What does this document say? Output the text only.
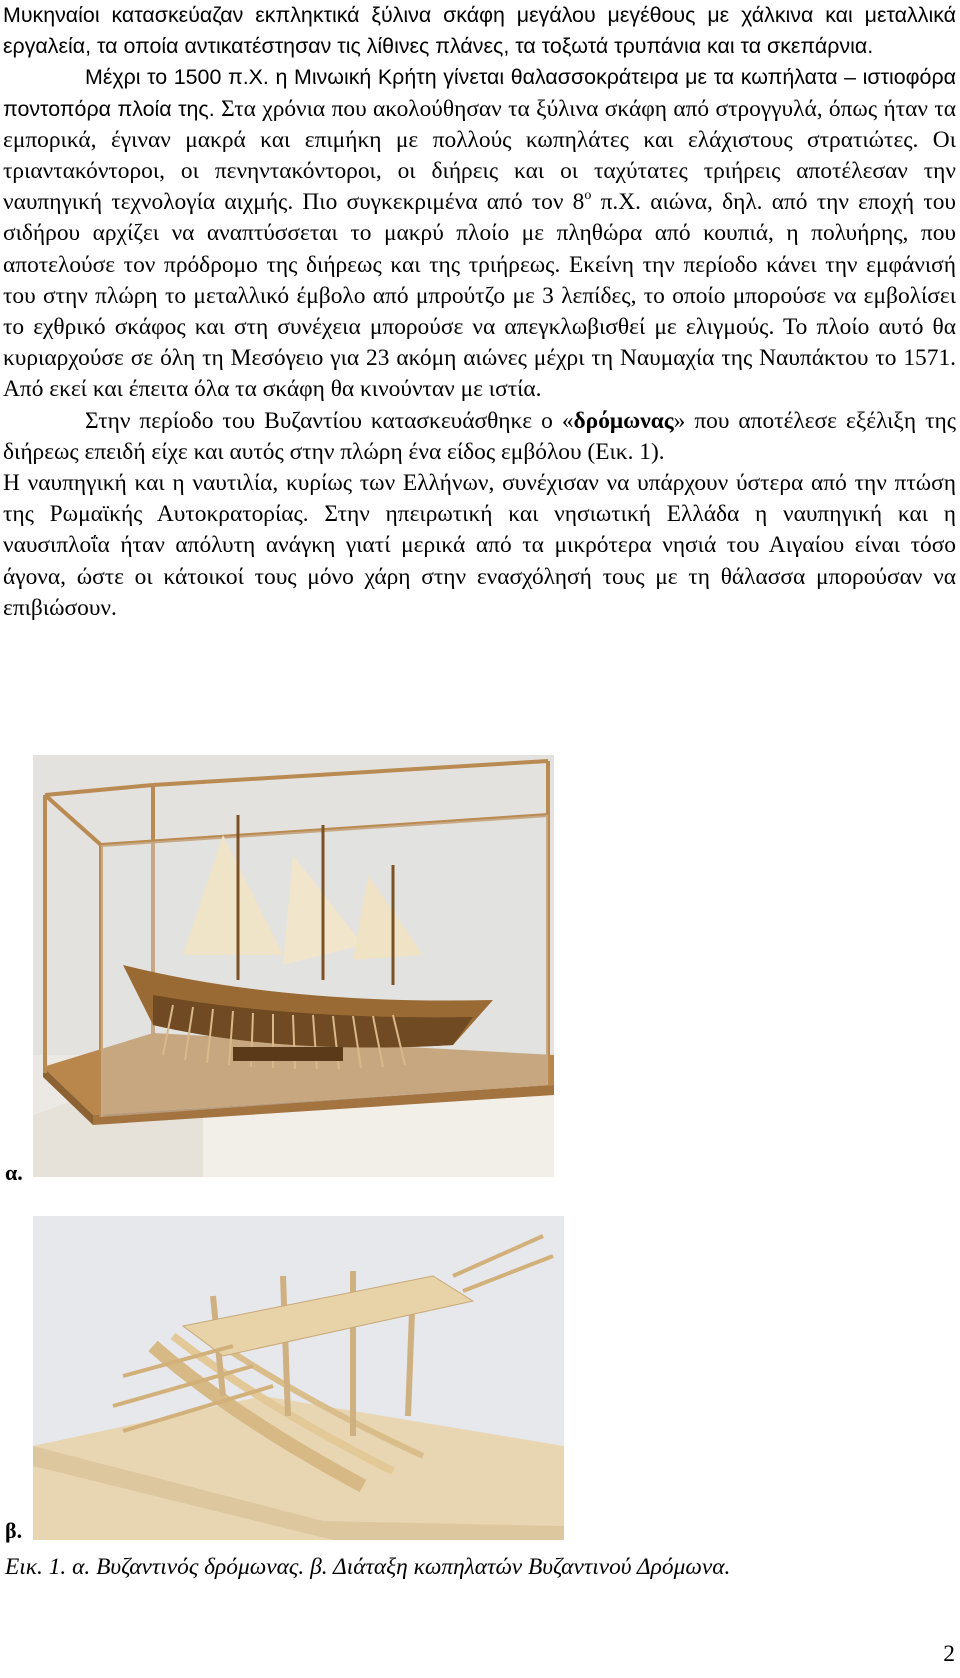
Μυκηναίοι κατασκεύαζαν εκπληκτικά ξύλινα σκάφη μεγάλου μεγέθους με χάλκινα και μεταλλικά εργαλεία, τα οποία αντικατέστησαν τις λίθινες πλάνες, τα τοξωτά τρυπάνια και τα σκεπάρνια.

Μέχρι το 1500 π.Χ. η Μινωική Κρήτη γίνεται θαλασσοκράτειρα με τα κωπήλατα – ιστιοφόρα ποντοπόρα πλοία της. Στα χρόνια που ακολούθησαν τα ξύλινα σκάφη από στρογγυλά, όπως ήταν τα εμπορικά, έγιναν μακρά και επιμήκη με πολλούς κωπηλάτες και ελάχιστους στρατιώτες. Οι τριαντακόντοροι, οι πενηντακόντοροι, οι διήρεις και οι ταχύτατες τριήρεις αποτέλεσαν την ναυπηγική τεχνολογία αιχμής. Πιο συγκεκριμένα από τον $8^o$ π.Χ. αιώνα, δηλ. από την εποχή του σιδήρου αρχίζει να αναπτύσσεται το μακρύ πλοίο με πληθώρα από κουπιά, η πολυήρης, που αποτελούσε τον πρόδρομο της διήρεως και της τριήρεως. Εκείνη την περίοδο κάνει την εμφάνισή του στην πλώρη το μεταλλικό έμβολο από μπρούτζο με 3 λεπίδες, το οποίο μπορούσε να εμβολίσει το εχθρικό σκάφος και στη συνέχεια μπορούσε να απεγκλωβισθεί με ελιγμούς. Το πλοίο αυτό θα κυριαρχούσε σε όλη τη Μεσόγειο για 23 ακόμη αιώνες μέχρι τη Ναυμαχία της Ναυπάκτου το 1571. Από εκεί και έπειτα όλα τα σκάφη θα κινούνταν με ιστία.

Στην περίοδο του Βυζαντίου κατασκευάσθηκε ο «δρόμωνας» που αποτέλεσε εξέλιξη της διήρεως επειδή είχε και αυτός στην πλώρη ένα είδος εμβόλου (Εικ. 1).

Η ναυπηγική και η ναυτιλία, κυρίως των Ελλήνων, συνέχισαν να υπάρχουν ύστερα από την πτώση της Ρωμαϊκής Αυτοκρατορίας. Στην ηπειρωτική και νησιωτική Ελλάδα η ναυπηγική και η ναυσιπλοΐα ήταν απόλυτη ανάγκη γιατί μερικά από τα μικρότερα νησιά του Αιγαίου είναι τόσο άγονα, ώστε οι κάτοικοί τους μόνο χάρη στην ενασχόλησή τους με τη θάλασσα μπορούσαν να επιβιώσουν.

α.
β.
Εικ. 1. α. Βυζαντινός δρόμωνας. β. Διάταξη κωπηλατών Βυζαντινού Δρόμωνα.
2
